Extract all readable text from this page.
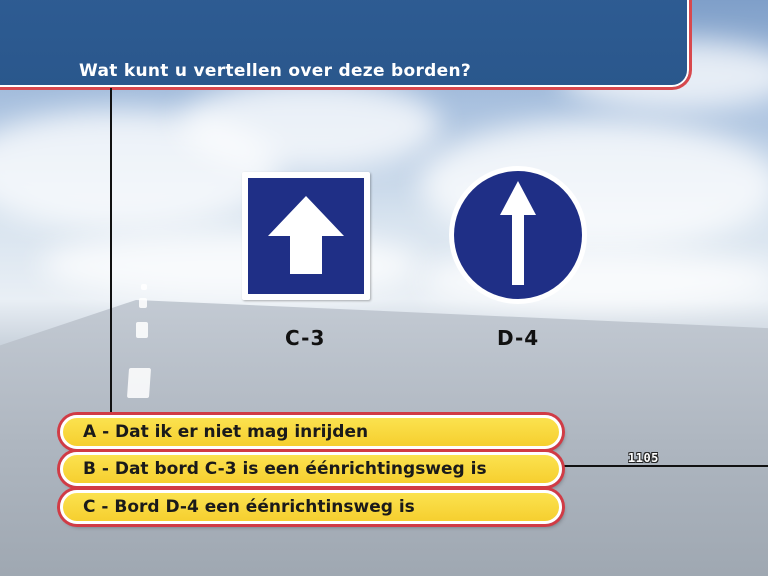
Wat kunt u vertellen over deze borden?
C-3	D-4
A - Dat ik er niet mag inrijden
B - Dat bord C-3 is een éénrichtingsweg is
C - Bord D-4 een éénrichtinsweg is
1105
